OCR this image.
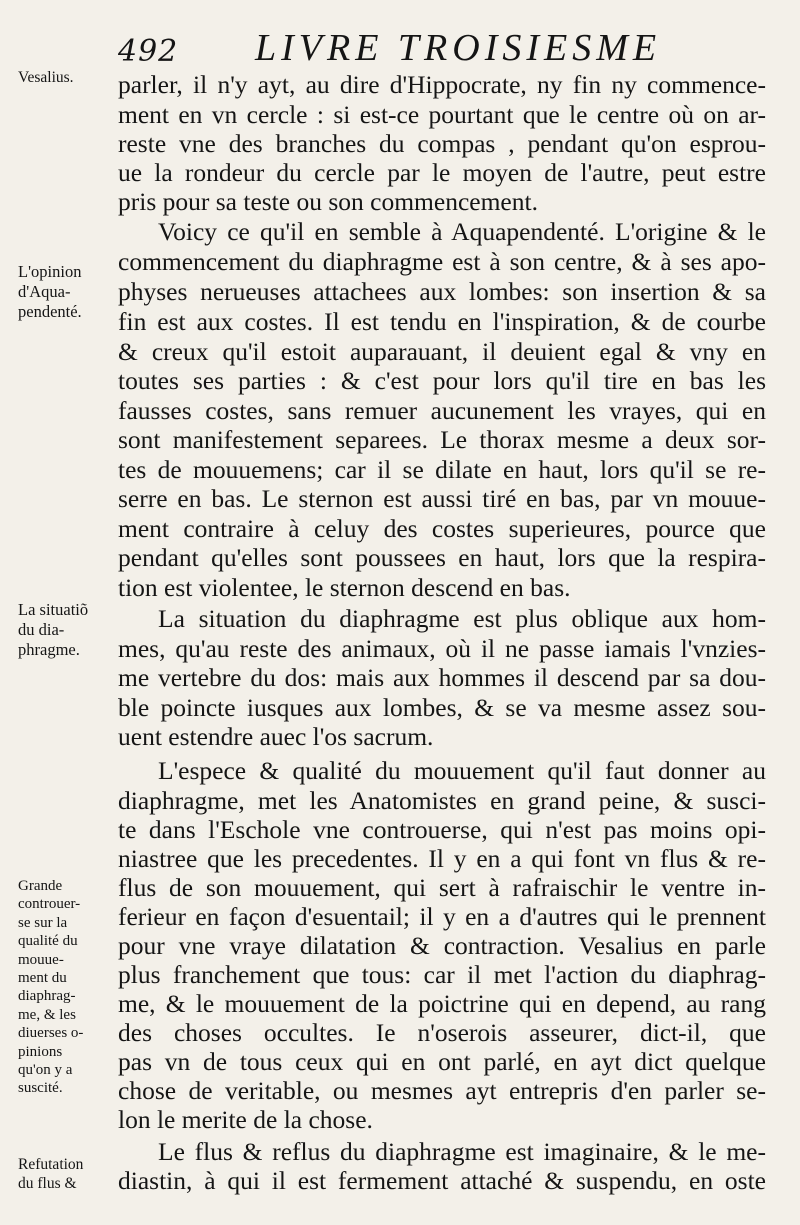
492 LIVRE TROISIESME
Vesalius.
L'opinion
d'Aqua-
pendenté.
La situatiõ
du dia-
phragme.
Grande
controuer-
se sur la
qualité du
mouue-
ment du
diaphrag-
me, & les
diuerses o-
pinions
qu'on y a
suscité.
Refutation
du flus &
parler, il n'y ayt, au dire d'Hippocrate, ny fin ny commence-
ment en vn cercle : si est-ce pourtant que le centre où on ar-
reste vne des branches du compas , pendant qu'on esprou-
ue la rondeur du cercle par le moyen de l'autre, peut estre
pris pour sa teste ou son commencement.
Voicy ce qu'il en semble à Aquapendenté. L'origine & le
commencement du diaphragme est à son centre, & à ses apo-
physes nerueuses attachees aux lombes: son insertion & sa
fin est aux costes. Il est tendu en l'inspiration, & de courbe
& creux qu'il estoit auparauant, il deuient egal & vny en
toutes ses parties : & c'est pour lors qu'il tire en bas les
fausses costes, sans remuer aucunement les vrayes, qui en
sont manifestement separees. Le thorax mesme a deux sor-
tes de mouuemens; car il se dilate en haut, lors qu'il se re-
serre en bas. Le sternon est aussi tiré en bas, par vn mouue-
ment contraire à celuy des costes superieures, pource que
pendant qu'elles sont poussees en haut, lors que la respira-
tion est violentee, le sternon descend en bas.
La situation du diaphragme est plus oblique aux hom-
mes, qu'au reste des animaux, où il ne passe iamais l'vnzies-
me vertebre du dos: mais aux hommes il descend par sa dou-
ble poincte iusques aux lombes, & se va mesme assez sou-
uent estendre auec l'os sacrum.
L'espece & qualité du mouuement qu'il faut donner au
diaphragme, met les Anatomistes en grand peine, & susci-
te dans l'Eschole vne controuerse, qui n'est pas moins opi-
niastree que les precedentes. Il y en a qui font vn flus & re-
flus de son mouuement, qui sert à rafraischir le ventre in-
ferieur en façon d'esuentail; il y en a d'autres qui le prennent
pour vne vraye dilatation & contraction. Vesalius en parle
plus franchement que tous: car il met l'action du diaphrag-
me, & le mouuement de la poictrine qui en depend, au rang
des choses occultes. Ie n'oserois asseurer, dict-il, que
pas vn de tous ceux qui en ont parlé, en ayt dict quelque
chose de veritable, ou mesmes ayt entrepris d'en parler se-
lon le merite de la chose.
Le flus & reflus du diaphragme est imaginaire, & le me-
diastin, à qui il est fermement attaché & suspendu, en oste
